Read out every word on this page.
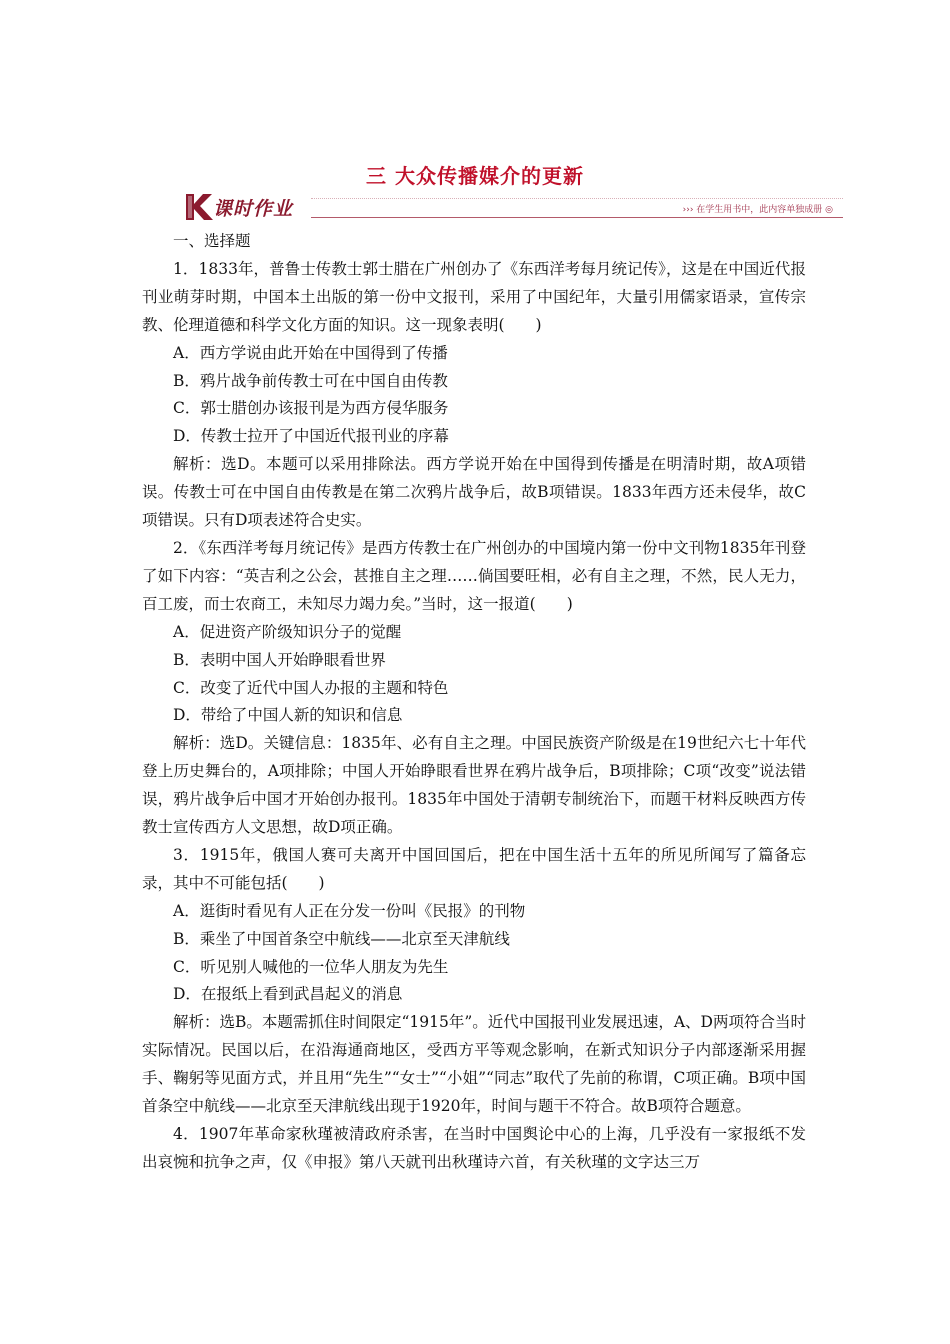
三 大众传播媒介的更新
课时作业	››› 在学生用书中，此内容单独成册 ◎

一、选择题

1．1833年，普鲁士传教士郭士腊在广州创办了《东西洋考每月统记传》，这是在中国近代报刊业萌芽时期，中国本土出版的第一份中文报刊，采用了中国纪年，大量引用儒家语录，宣传宗教、伦理道德和科学文化方面的知识。这一现象表明(　　)

A．西方学说由此开始在中国得到了传播

B．鸦片战争前传教士可在中国自由传教

C．郭士腊创办该报刊是为西方侵华服务

D．传教士拉开了中国近代报刊业的序幕

解析：选D。本题可以采用排除法。西方学说开始在中国得到传播是在明清时期，故A项错误。传教士可在中国自由传教是在第二次鸦片战争后，故B项错误。1833年西方还未侵华，故C项错误。只有D项表述符合史实。

2．《东西洋考每月统记传》是西方传教士在广州创办的中国境内第一份中文刊物1835年刊登了如下内容：“英吉利之公会，甚推自主之理……倘国要旺相，必有自主之理，不然，民人无力，百工废，而士农商工，未知尽力竭力矣。”当时，这一报道(　　)

A．促进资产阶级知识分子的觉醒

B．表明中国人开始睁眼看世界

C．改变了近代中国人办报的主题和特色

D．带给了中国人新的知识和信息

解析：选D。关键信息：1835年、必有自主之理。中国民族资产阶级是在19世纪六七十年代登上历史舞台的，A项排除；中国人开始睁眼看世界在鸦片战争后，B项排除；C项“改变”说法错误，鸦片战争后中国才开始创办报刊。1835年中国处于清朝专制统治下，而题干材料反映西方传教士宣传西方人文思想，故D项正确。

3．1915年，俄国人赛可夫离开中国回国后，把在中国生活十五年的所见所闻写了篇备忘录，其中不可能包括(　　)

A．逛街时看见有人正在分发一份叫《民报》的刊物

B．乘坐了中国首条空中航线——北京至天津航线

C．听见别人喊他的一位华人朋友为先生

D．在报纸上看到武昌起义的消息

解析：选B。本题需抓住时间限定“1915年”。近代中国报刊业发展迅速，A、D两项符合当时实际情况。民国以后，在沿海通商地区，受西方平等观念影响，在新式知识分子内部逐渐采用握手、鞠躬等见面方式，并且用“先生”“女士”“小姐”“同志”取代了先前的称谓，C项正确。B项中国首条空中航线——北京至天津航线出现于1920年，时间与题干不符合。故B项符合题意。

4．1907年革命家秋瑾被清政府杀害，在当时中国舆论中心的上海，几乎没有一家报纸不发出哀惋和抗争之声，仅《申报》第八天就刊出秋瑾诗六首，有关秋瑾的文字达三万
